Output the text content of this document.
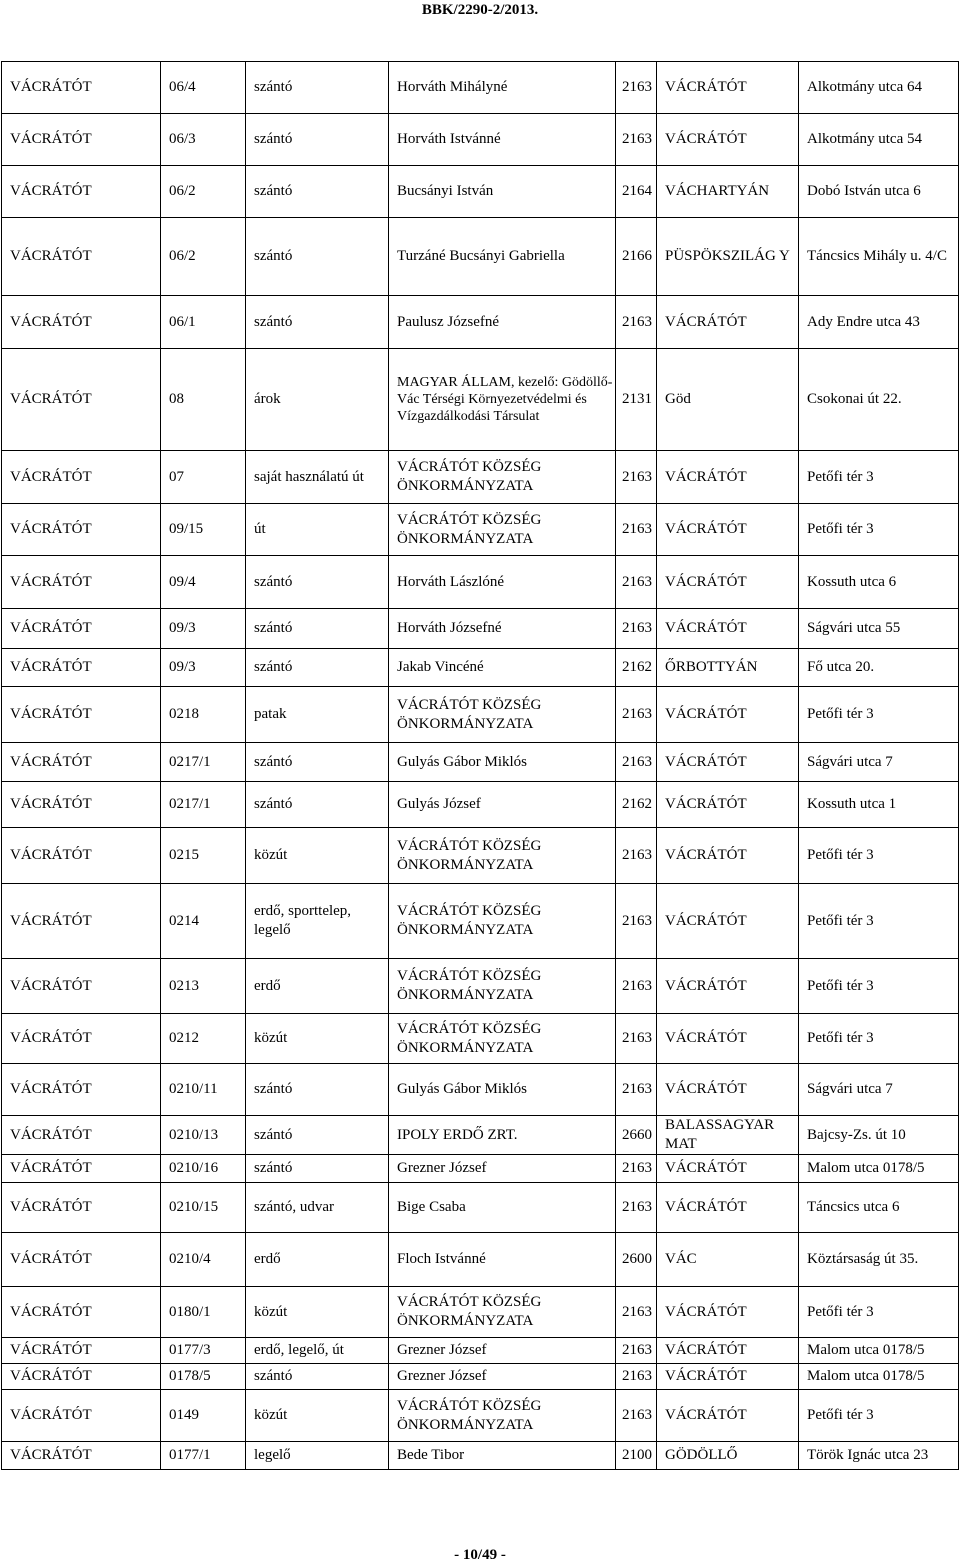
BBK/2290-2/2013.
VÁCRÁTÓT	06/4	szántó	Horváth Mihályné	2163	VÁCRÁTÓT	Alkotmány utca 64
VÁCRÁTÓT	06/3	szántó	Horváth Istvánné	2163	VÁCRÁTÓT	Alkotmány utca 54
VÁCRÁTÓT	06/2	szántó	Bucsányi István	2164	VÁCHARTYÁN	Dobó István utca 6
VÁCRÁTÓT	06/2	szántó	Turzáné Bucsányi Gabriella	2166	PÜSPÖKSZILÁG Y	Táncsics Mihály u. 4/C
VÁCRÁTÓT	06/1	szántó	Paulusz Józsefné	2163	VÁCRÁTÓT	Ady Endre utca 43
VÁCRÁTÓT	08	árok	MAGYAR ÁLLAM, kezelő: Gödöllő-Vác Térségi Környezetvédelmi és Vízgazdálkodási Társulat	2131	Göd	Csokonai út 22.
VÁCRÁTÓT	07	saját használatú út	VÁCRÁTÓT KÖZSÉG ÖNKORMÁNYZATA	2163	VÁCRÁTÓT	Petőfi tér 3
VÁCRÁTÓT	09/15	út	VÁCRÁTÓT KÖZSÉG ÖNKORMÁNYZATA	2163	VÁCRÁTÓT	Petőfi tér 3
VÁCRÁTÓT	09/4	szántó	Horváth Lászlóné	2163	VÁCRÁTÓT	Kossuth utca 6
VÁCRÁTÓT	09/3	szántó	Horváth Józsefné	2163	VÁCRÁTÓT	Ságvári utca 55
VÁCRÁTÓT	09/3	szántó	Jakab Vincéné	2162	ŐRBOTTYÁN	Fő utca 20.
VÁCRÁTÓT	0218	patak	VÁCRÁTÓT KÖZSÉG ÖNKORMÁNYZATA	2163	VÁCRÁTÓT	Petőfi tér 3
VÁCRÁTÓT	0217/1	szántó	Gulyás Gábor Miklós	2163	VÁCRÁTÓT	Ságvári utca 7
VÁCRÁTÓT	0217/1	szántó	Gulyás József	2162	VÁCRÁTÓT	Kossuth utca 1
VÁCRÁTÓT	0215	közút	VÁCRÁTÓT KÖZSÉG ÖNKORMÁNYZATA	2163	VÁCRÁTÓT	Petőfi tér 3
VÁCRÁTÓT	0214	erdő, sporttelep, legelő	VÁCRÁTÓT KÖZSÉG ÖNKORMÁNYZATA	2163	VÁCRÁTÓT	Petőfi tér 3
VÁCRÁTÓT	0213	erdő	VÁCRÁTÓT KÖZSÉG ÖNKORMÁNYZATA	2163	VÁCRÁTÓT	Petőfi tér 3
VÁCRÁTÓT	0212	közút	VÁCRÁTÓT KÖZSÉG ÖNKORMÁNYZATA	2163	VÁCRÁTÓT	Petőfi tér 3
VÁCRÁTÓT	0210/11	szántó	Gulyás Gábor Miklós	2163	VÁCRÁTÓT	Ságvári utca 7
VÁCRÁTÓT	0210/13	szántó	IPOLY ERDŐ ZRT.	2660	BALASSAGYAR MAT	Bajcsy-Zs. út 10
VÁCRÁTÓT	0210/16	szántó	Grezner József	2163	VÁCRÁTÓT	Malom utca 0178/5
VÁCRÁTÓT	0210/15	szántó, udvar	Bige Csaba	2163	VÁCRÁTÓT	Táncsics utca 6
VÁCRÁTÓT	0210/4	erdő	Floch Istvánné	2600	VÁC	Köztársaság út 35.
VÁCRÁTÓT	0180/1	közút	VÁCRÁTÓT KÖZSÉG ÖNKORMÁNYZATA	2163	VÁCRÁTÓT	Petőfi tér 3
VÁCRÁTÓT	0177/3	erdő, legelő, út	Grezner József	2163	VÁCRÁTÓT	Malom utca 0178/5
VÁCRÁTÓT	0178/5	szántó	Grezner József	2163	VÁCRÁTÓT	Malom utca 0178/5
VÁCRÁTÓT	0149	közút	VÁCRÁTÓT KÖZSÉG ÖNKORMÁNYZATA	2163	VÁCRÁTÓT	Petőfi tér 3
VÁCRÁTÓT	0177/1	legelő	Bede Tibor	2100	GÖDÖLLŐ	Török Ignác utca 23
- 10/49 -
